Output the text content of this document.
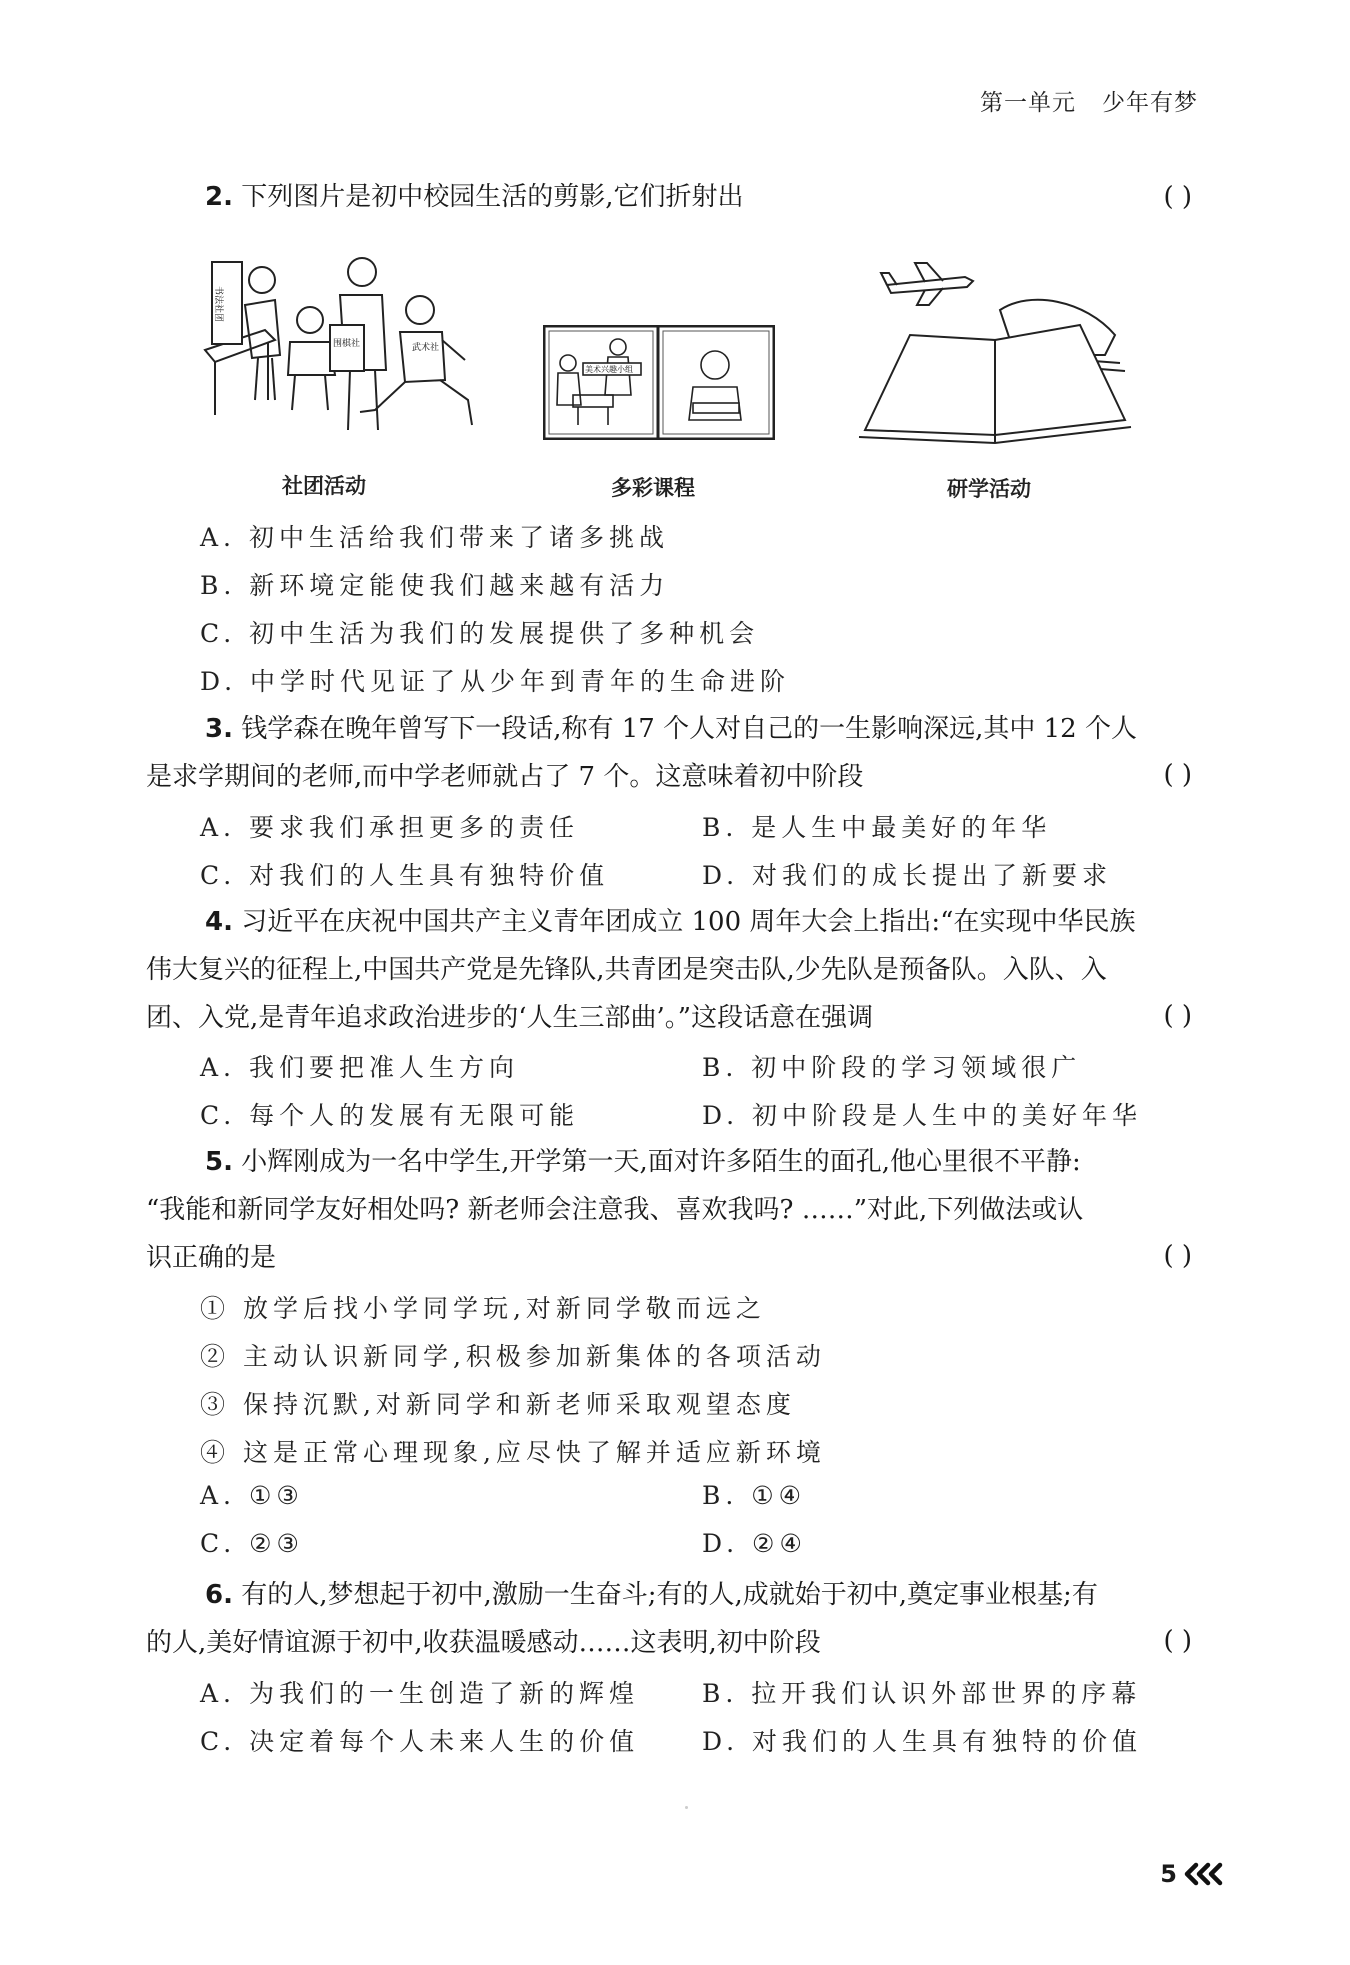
第一单元 少年有梦
2. 下列图片是初中校园生活的剪影,它们折射出	( )
书法社团
围棋社	武术社
社团活动
美术兴趣小组
多彩课程	研学活动
A. 初中生活给我们带来了诸多挑战
B. 新环境定能使我们越来越有活力
C. 初中生活为我们的发展提供了多种机会
D. 中学时代见证了从少年到青年的生命进阶
3. 钱学森在晚年曾写下一段话,称有 17 个人对自己的一生影响深远,其中 12 个人
是求学期间的老师,而中学老师就占了 7 个。这意味着初中阶段	( )
A. 要求我们承担更多的责任	B. 是人生中最美好的年华
C. 对我们的人生具有独特价值	D. 对我们的成长提出了新要求
4. 习近平在庆祝中国共产主义青年团成立 100 周年大会上指出:“在实现中华民族
伟大复兴的征程上,中国共产党是先锋队,共青团是突击队,少先队是预备队。入队、入
团、入党,是青年追求政治进步的‘人生三部曲’。”这段话意在强调	( )
A. 我们要把准人生方向	B. 初中阶段的学习领域很广
C. 每个人的发展有无限可能	D. 初中阶段是人生中的美好年华
5. 小辉刚成为一名中学生,开学第一天,面对许多陌生的面孔,他心里很不平静:
“我能和新同学友好相处吗? 新老师会注意我、喜欢我吗? ……”对此,下列做法或认
识正确的是	( )
① 放学后找小学同学玩,对新同学敬而远之
② 主动认识新同学,积极参加新集体的各项活动
③ 保持沉默,对新同学和新老师采取观望态度
④ 这是正常心理现象,应尽快了解并适应新环境
A. ①③	B. ①④
C. ②③	D. ②④
6. 有的人,梦想起于初中,激励一生奋斗;有的人,成就始于初中,奠定事业根基;有
的人,美好情谊源于初中,收获温暖感动……这表明,初中阶段	( )
A. 为我们的一生创造了新的辉煌	B. 拉开我们认识外部世界的序幕
C. 决定着每个人未来人生的价值	D. 对我们的人生具有独特的价值
5
